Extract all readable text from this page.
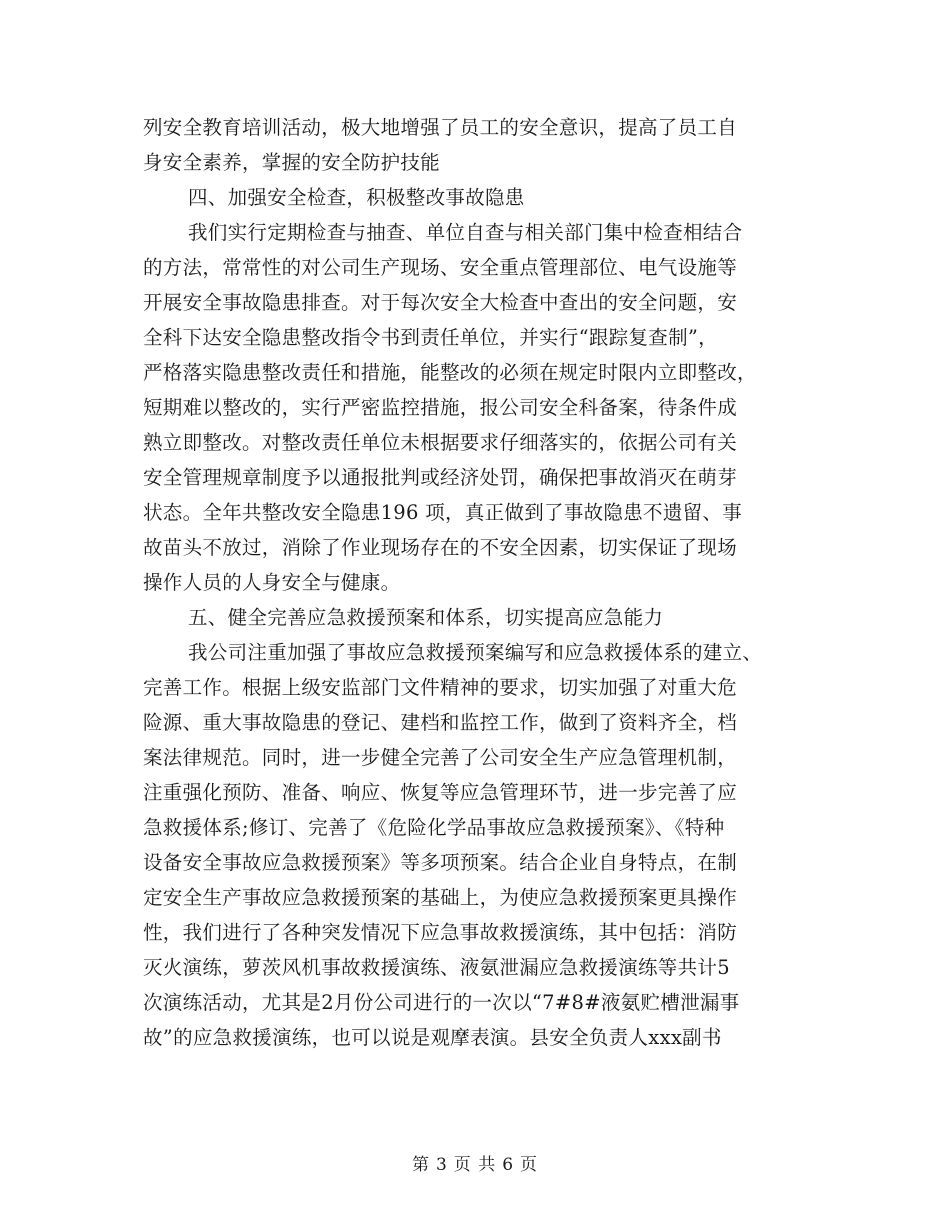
列安全教育培训活动，极大地增强了员工的安全意识，提高了员工自
身安全素养，掌握的安全防护技能
四、加强安全检查，积极整改事故隐患
我们实行定期检查与抽查、单位自查与相关部门集中检查相结合
的方法，常常性的对公司生产现场、安全重点管理部位、电气设施等
开展安全事故隐患排查。对于每次安全大检查中查出的安全问题，安
全科下达安全隐患整改指令书到责任单位，并实行“跟踪复查制”，
严格落实隐患整改责任和措施，能整改的必须在规定时限内立即整改，
短期难以整改的，实行严密监控措施，报公司安全科备案，待条件成
熟立即整改。对整改责任单位未根据要求仔细落实的，依据公司有关
安全管理规章制度予以通报批判或经济处罚，确保把事故消灭在萌芽
状态。全年共整改安全隐患196 项，真正做到了事故隐患不遗留、事
故苗头不放过，消除了作业现场存在的不安全因素，切实保证了现场
操作人员的人身安全与健康。
五、健全完善应急救援预案和体系，切实提高应急能力
我公司注重加强了事故应急救援预案编写和应急救援体系的建立、
完善工作。根据上级安监部门文件精神的要求，切实加强了对重大危
险源、重大事故隐患的登记、建档和监控工作，做到了资料齐全，档
案法律规范。同时，进一步健全完善了公司安全生产应急管理机制，
注重强化预防、准备、响应、恢复等应急管理环节，进一步完善了应
急救援体系;修订、完善了《危险化学品事故应急救援预案》、《特种
设备安全事故应急救援预案》等多项预案。结合企业自身特点，在制
定安全生产事故应急救援预案的基础上，为使应急救援预案更具操作
性，我们进行了各种突发情况下应急事故救援演练，其中包括：消防
灭火演练，萝茨风机事故救援演练、液氨泄漏应急救援演练等共计5
次演练活动，尤其是2月份公司进行的一次以“7#8#液氨贮槽泄漏事
故”的应急救援演练，也可以说是观摩表演。县安全负责人xxx副书
第 3 页 共 6 页
